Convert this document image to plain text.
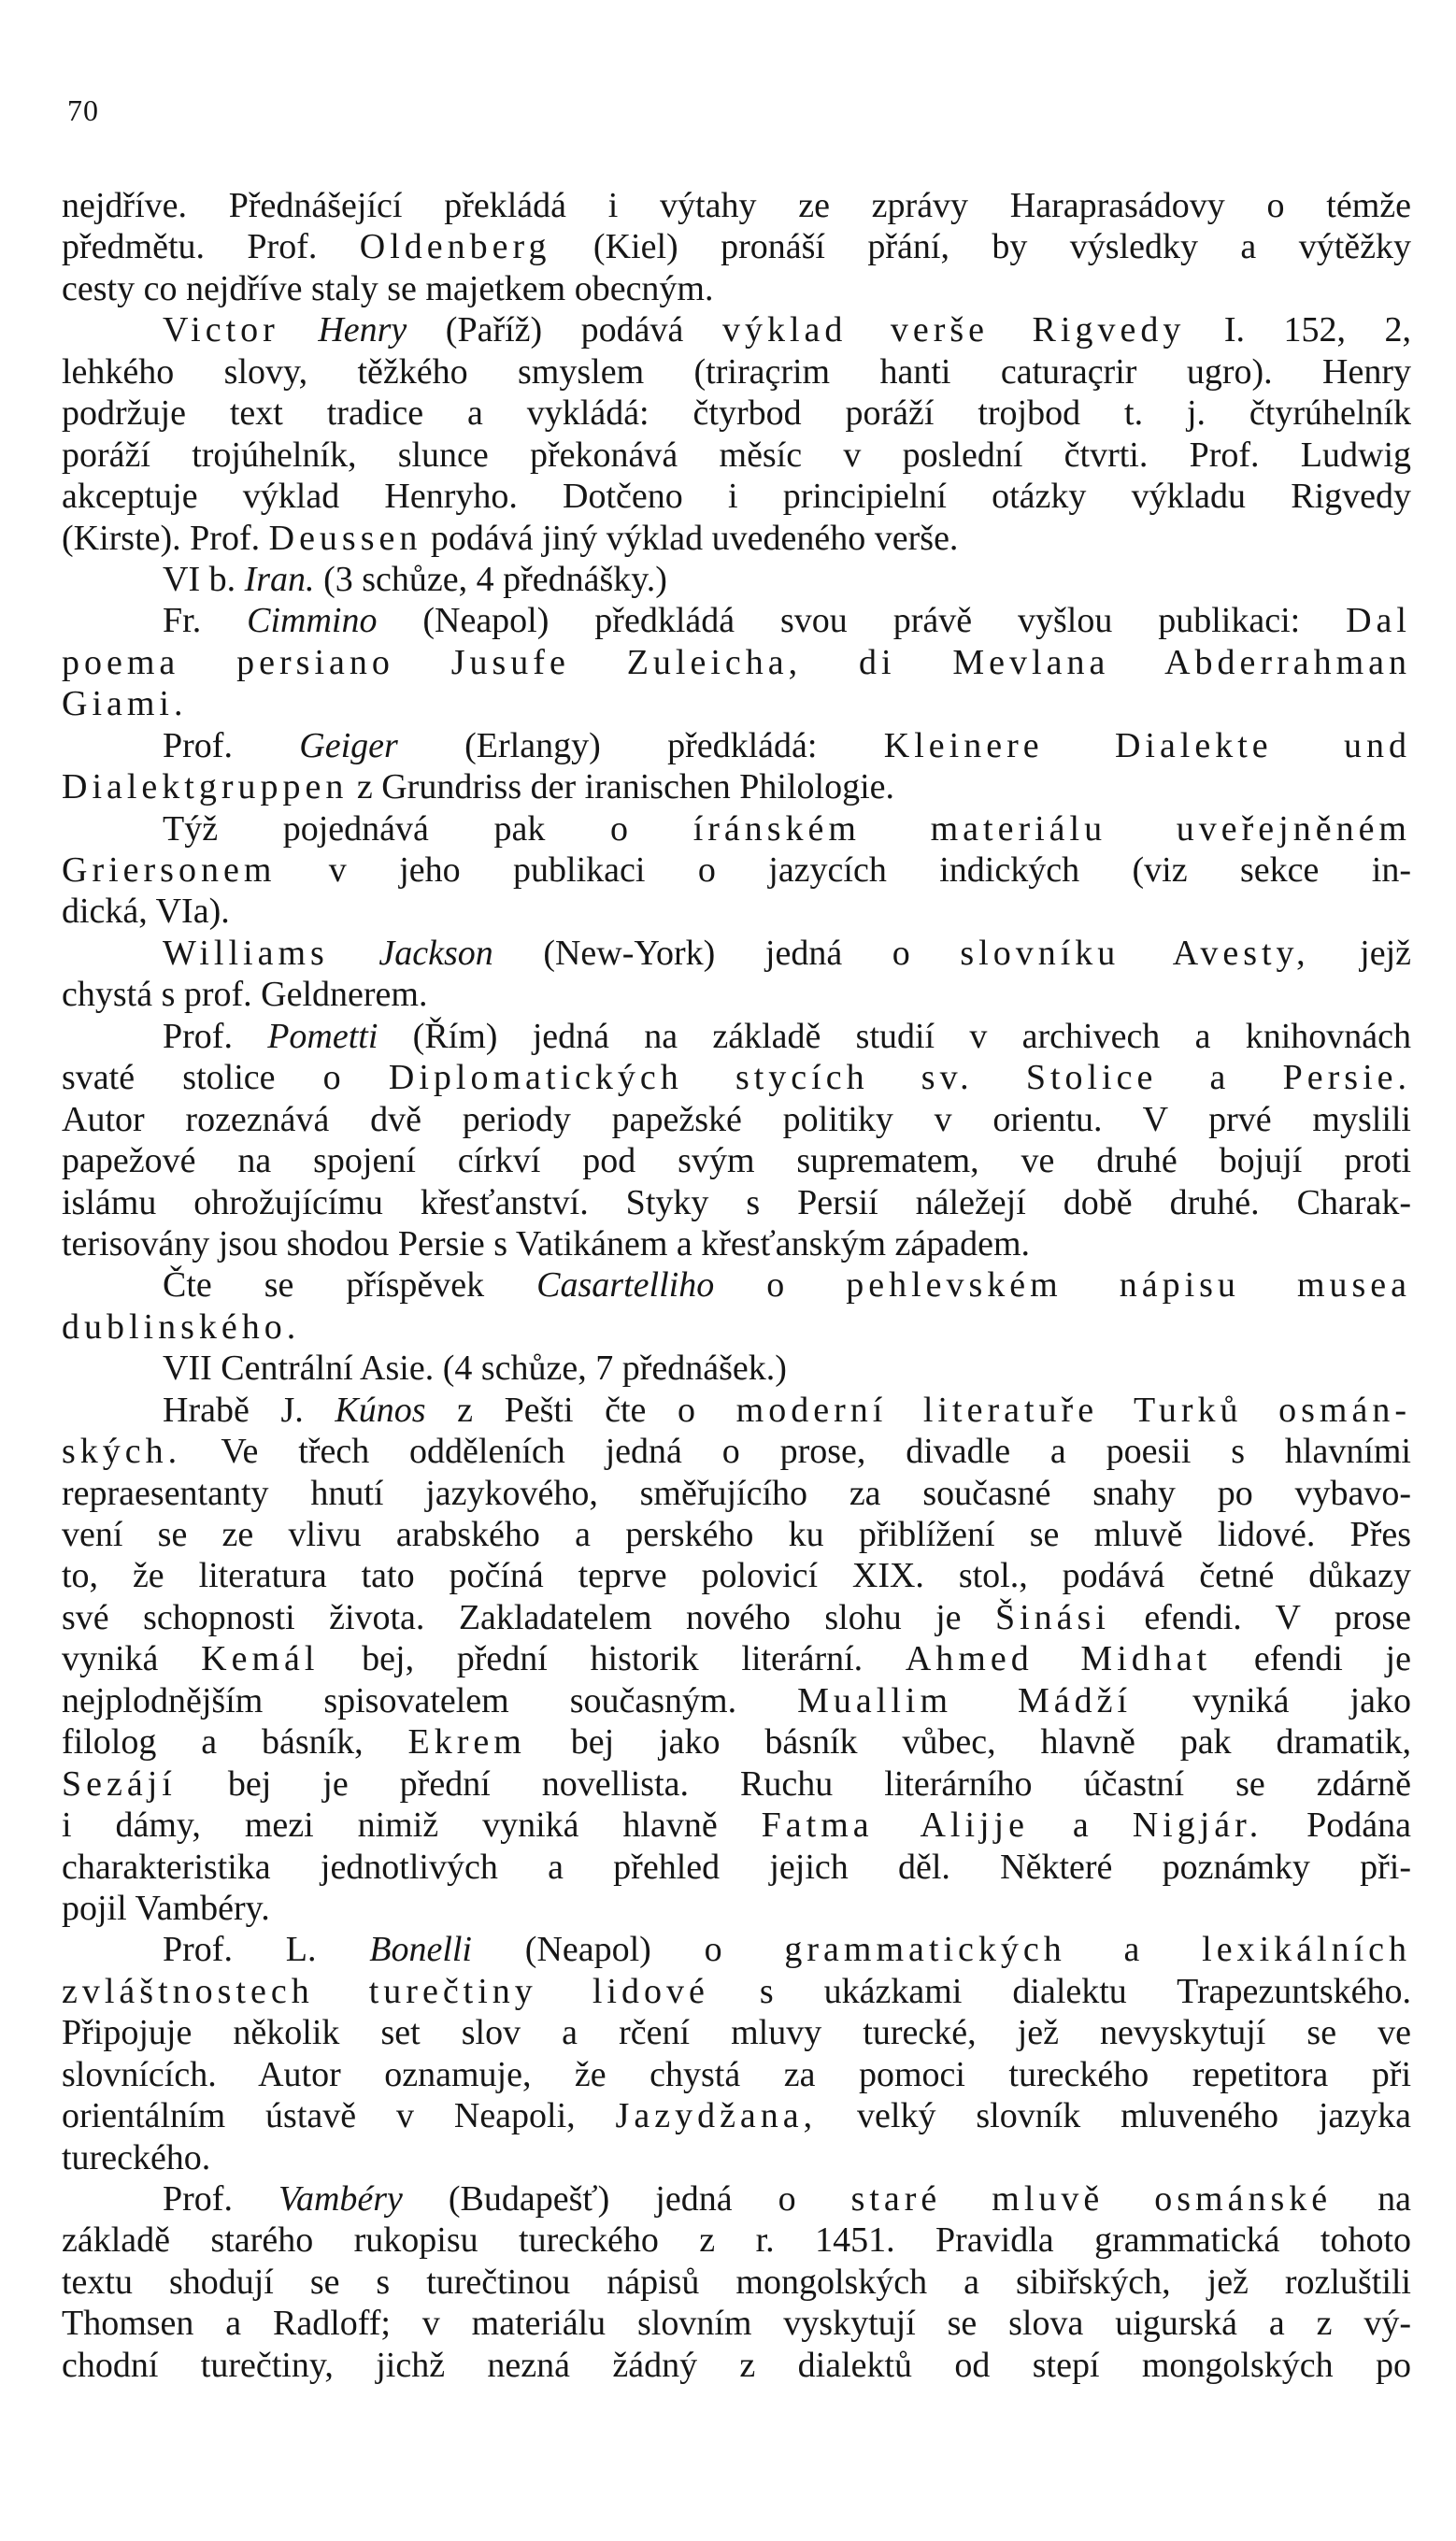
70
nejdříve. Přednášející překládá i výtahy ze zprávy Haraprasádovy o témže
předmětu. Prof. Oldenberg (Kiel) pronáší přání, by výsledky a výtěžky
cesty co nejdříve staly se majetkem obecným.
Victor Henry (Paříž) podává výklad verše Rigvedy I. 152, 2,
lehkého slovy, těžkého smyslem (triraçrim hanti caturaçrir ugro). Henry
podržuje text tradice a vykládá: čtyrbod poráží trojbod t. j. čtyrúhelník
poráží trojúhelník, slunce překonává měsíc v poslední čtvrti. Prof. Ludwig
akceptuje výklad Henryho. Dotčeno i principielní otázky výkladu Rigvedy
(Kirste). Prof. Deussen podává jiný výklad uvedeného verše.
VI b. Iran. (3 schůze, 4 přednášky.)
Fr. Cimmino (Neapol) předkládá svou právě vyšlou publikaci: Dal
poema persiano Jusufe Zuleicha, di Mevlana Abderrahman
Giami.
Prof. Geiger (Erlangy) předkládá: Kleinere Dialekte und
Dialektgruppen z Grundriss der iranischen Philologie.
Týž pojednává pak o íránském materiálu uveřejněném
Griersonem v jeho publikaci o jazycích indických (viz sekce in-
dická, VIa).
Williams Jackson (New-York) jedná o slovníku Avesty, jejž
chystá s prof. Geldnerem.
Prof. Pometti (Řím) jedná na základě studií v archivech a knihovnách
svaté stolice o Diplomatických stycích sv. Stolice a Persie.
Autor rozeznává dvě periody papežské politiky v orientu. V prvé myslili
papežové na spojení církví pod svým suprematem, ve druhé bojují proti
islámu ohrožujícímu křesťanství. Styky s Persií náležejí době druhé. Charak-
terisovány jsou shodou Persie s Vatikánem a křesťanským západem.
Čte se příspěvek Casartelliho o pehlevském nápisu musea
dublinského.
VII Centrální Asie. (4 schůze, 7 přednášek.)
Hrabě J. Kúnos z Pešti čte o moderní literatuře Turků osmán-
ských. Ve třech odděleních jedná o prose, divadle a poesii s hlavními
repraesentanty hnutí jazykového, směřujícího za současné snahy po vybavo-
vení se ze vlivu arabského a perského ku přiblížení se mluvě lidové. Přes
to, že literatura tato počíná teprve polovicí XIX. stol., podává četné důkazy
své schopnosti života. Zakladatelem nového slohu je Šinási efendi. V prose
vyniká Kemál bej, přední historik literární. Ahmed Midhat efendi je
nejplodnějším spisovatelem současným. Muallim Mádží vyniká jako
filolog a básník, Ekrem bej jako básník vůbec, hlavně pak dramatik,
Sezájí bej je přední novellista. Ruchu literárního účastní se zdárně
i dámy, mezi nimiž vyniká hlavně Fatma Alijje a Nigjár. Podána
charakteristika jednotlivých a přehled jejich děl. Některé poznámky při-
pojil Vambéry.
Prof. L. Bonelli (Neapol) o grammatických a lexikálních
zvláštnostech turečtiny lidové s ukázkami dialektu Trapezuntského.
Připojuje několik set slov a rčení mluvy turecké, jež nevyskytují se ve
slovnících. Autor oznamuje, že chystá za pomoci tureckého repetitora při
orientálním ústavě v Neapoli, Jazydžana, velký slovník mluveného jazyka
tureckého.
Prof. Vambéry (Budapešť) jedná o staré mluvě osmánské na
základě starého rukopisu tureckého z r. 1451. Pravidla grammatická tohoto
textu shodují se s turečtinou nápisů mongolských a sibiřských, jež rozluštili
Thomsen a Radloff; v materiálu slovním vyskytují se slova uigurská a z vý-
chodní turečtiny, jichž nezná žádný z dialektů od stepí mongolských po
